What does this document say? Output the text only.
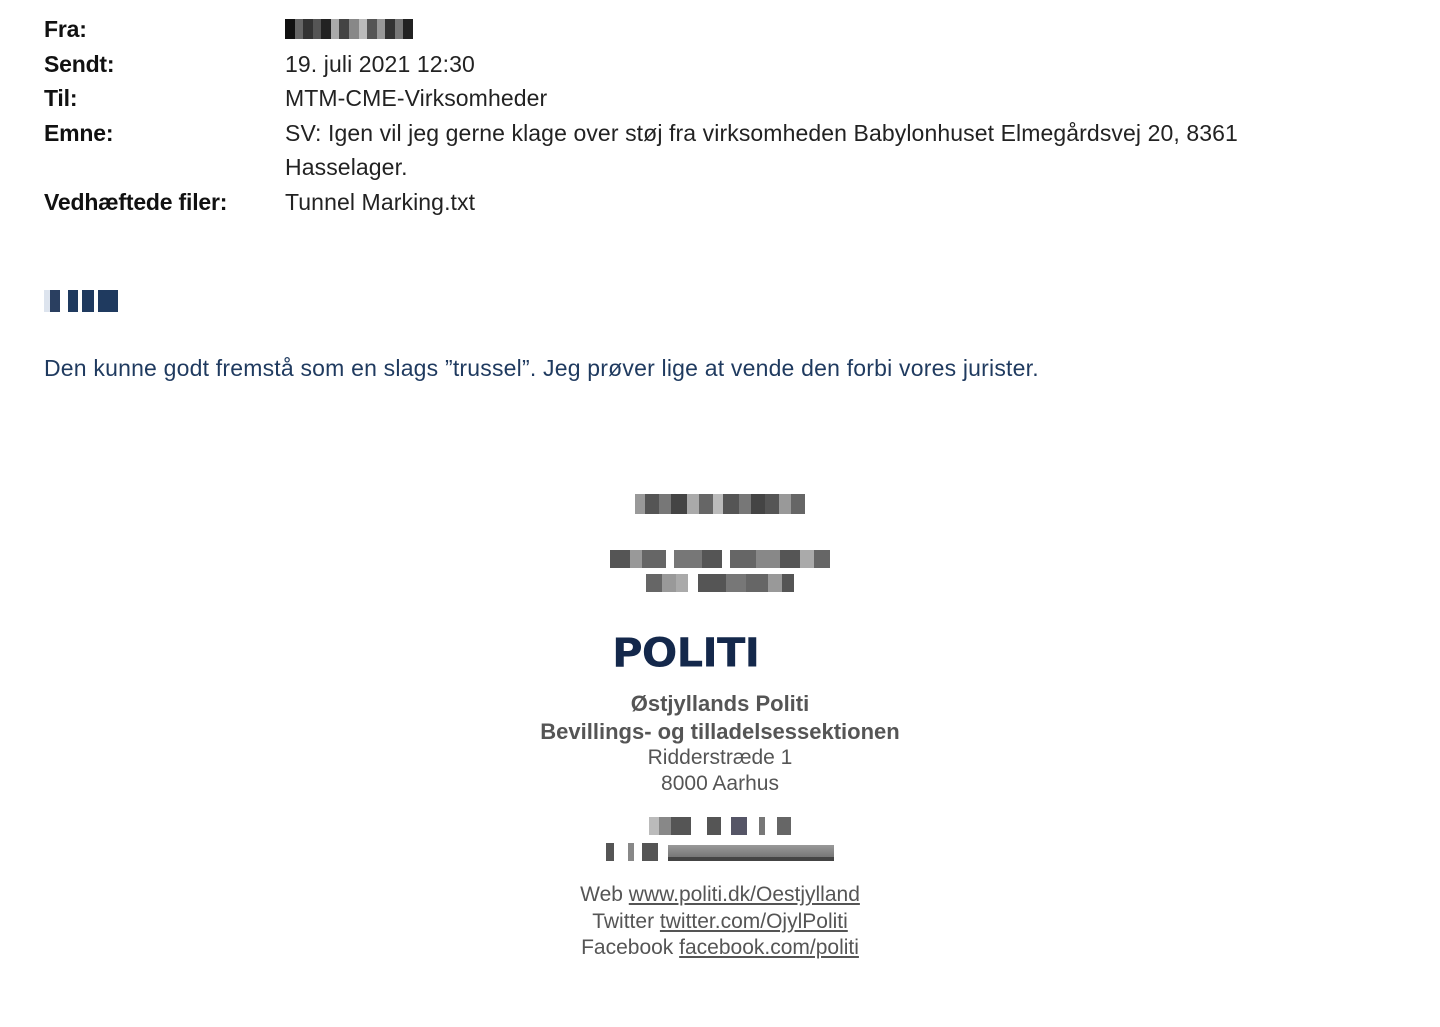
Fra:
Sendt:	19. juli 2021 12:30
Til:	MTM-CME-Virksomheder
Emne:	SV: Igen vil jeg gerne klage over støj fra virksomheden Babylonhuset Elmegårdsvej 20, 8361 Hasselager.
Vedhæftede filer:	Tunnel Marking.txt
Den kunne godt fremstå som en slags ”trussel”. Jeg prøver lige at vende den forbi vores jurister.

POLITI
Østjyllands Politi
Bevillings- og tilladelsessektionen
Ridderstræde 1
8000 Aarhus

Web www.politi.dk/Oestjylland
Twitter twitter.com/OjylPoliti
Facebook facebook.com/politi
